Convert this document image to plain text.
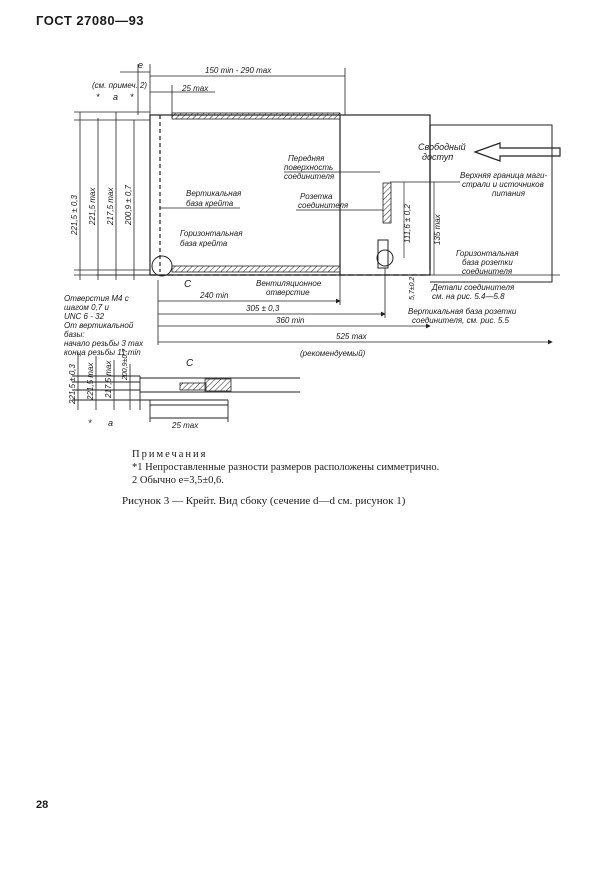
ГОСТ 27080—93
e
(см. примеч. 2)
150 min - 290 max
25 max
* a *
221,5 ± 0,3 221,5 max 217,5 max 200,9 ± 0,7
Передняя
поверхность
соединителя
Свободный
доступ
Верхняя граница маги-
страли и источников
питания
Вертикальная
база крейта
Розетка
соединителя	111,6 ± 0,2	135 max
Горизонтальная
база крейта
Горизонтальная
база розетки
соединителя
Вентиляционное
отверстие
C	Детали соединителя
см. на рис. 5.4—5.8
5,7±0,2
Отверстия М4 с
шагом 0,7 и
UNC 6 - 32
От вертикальной
базы:
начало резьбы 3 max
конца резьбы 11 min
240 min
305 ± 0,3
360 min
525 max
(рекомендуемый)
Вертикальная база розетки
соединителя, см. рис. 5.5
C
221,5 ± 0,3 221,5 max 217,5 max 200,9±0,7
* a	25 max
Примечания
*1 Непроставленные разности размеров расположены симметрично.
2 Обычно e=3,5±0,6.
Рисунок 3 — Крейт. Вид сбоку (сечение d—d см. рисунок 1)
28
